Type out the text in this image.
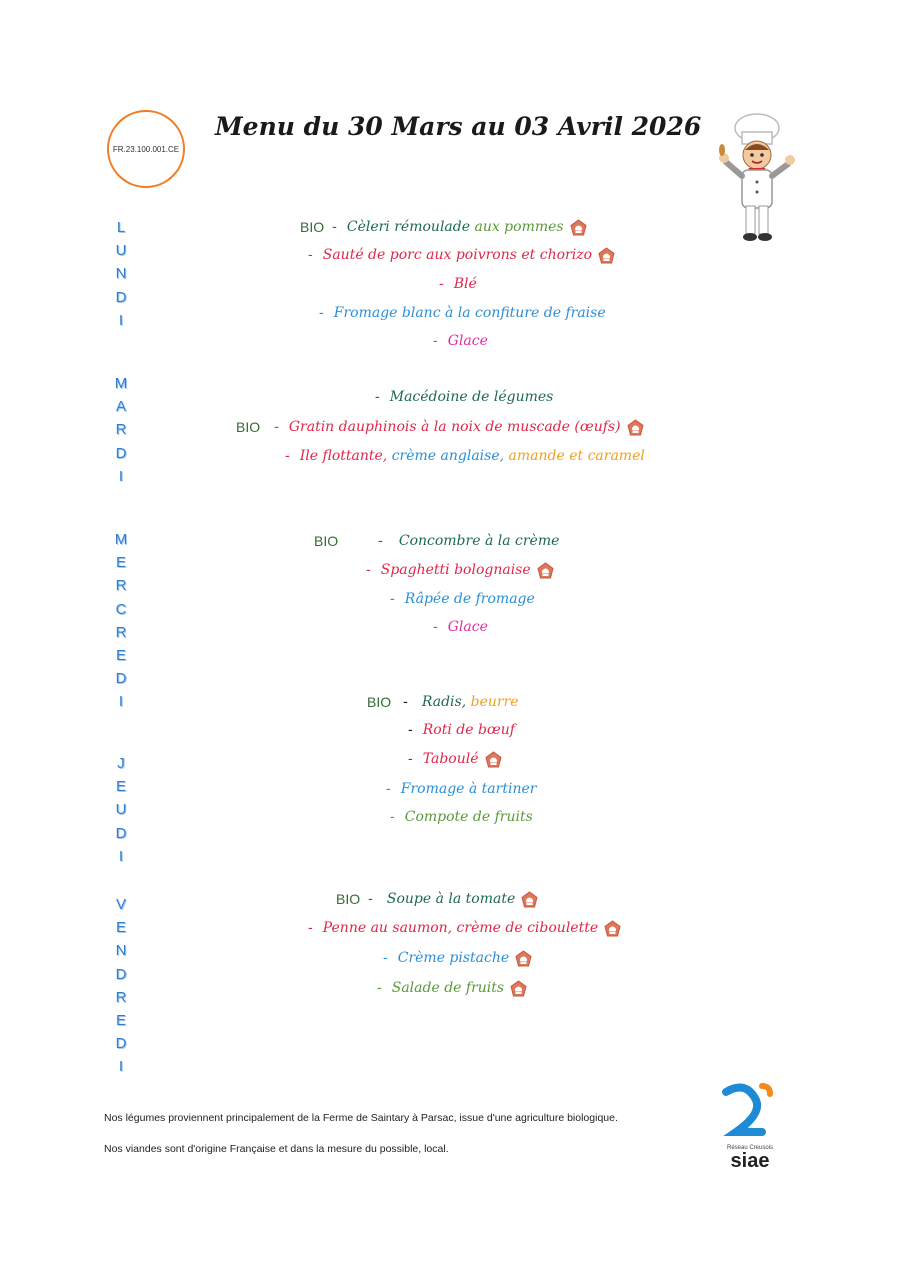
FR.23.100.001.CE
Menu du 30 Mars au 03 Avril 2026
L
U
N
D
I
M
A
R
D
I
M
E
R
C
R
E
D
I
J
E
U
D
I
V
E
N
D
R
E
D
I
BIO - Cèleri rémoulade
aux pommes
- Sauté de porc aux poivrons et chorizo
- Blé
- Fromage blanc à la confiture de fraise
- Glace
- Macédoine de légumes
BIO - Gratin dauphinois à la noix de muscade (œufs)
- Ile flottante,
crème anglaise,
amande et caramel
BIO	- Concombre à la crème
- Spaghetti bolognaise
- Râpée de fromage
- Glace
BIO - Radis,
beurre
- Roti de bœuf
- Taboulé
- Fromage à tartiner
- Compote de fruits
BIO - Soupe à la tomate
- Penne au saumon, crème de ciboulette
- Crème pistache
- Salade de fruits
Nos légumes proviennent principalement de la Ferme de Saintary à Parsac, issue d'une agriculture biologique.
Nos viandes sont d'origine Française et dans la mesure du possible, local.	Réseau Creusois
siae
